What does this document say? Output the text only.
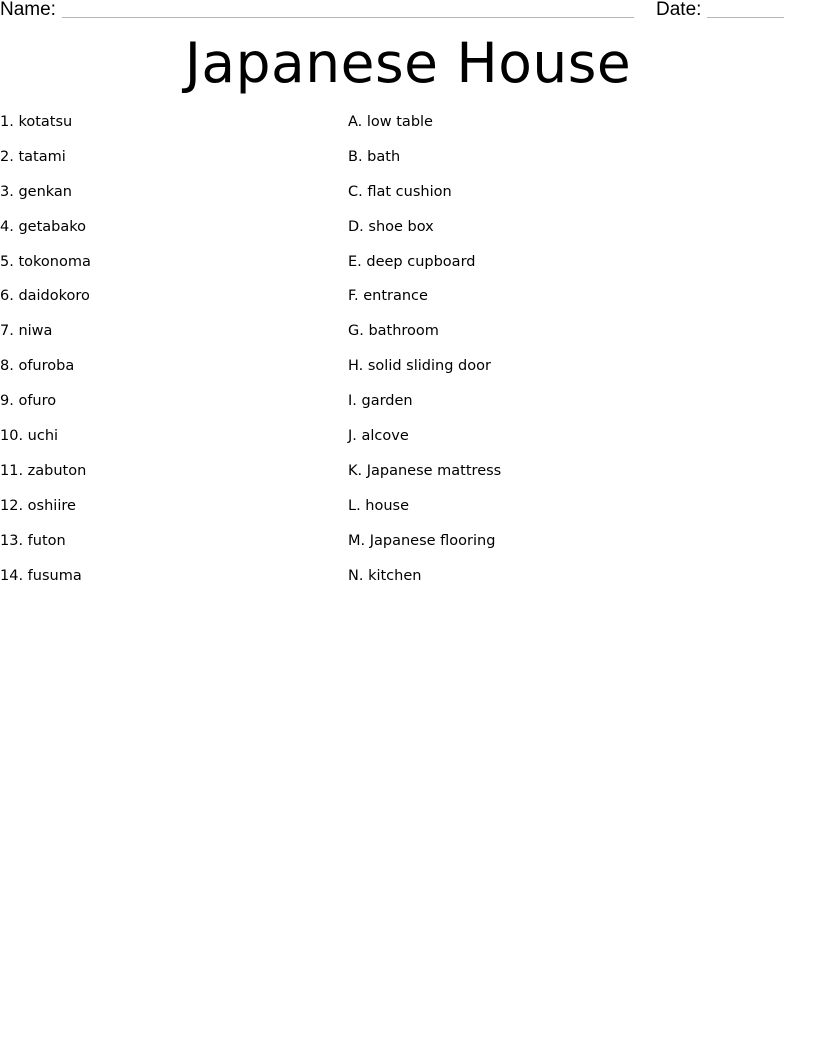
Name:	Date:
Japanese House
1. kotatsu
2. tatami
3. genkan
4. getabako
5. tokonoma
6. daidokoro
7. niwa
8. ofuroba
9. ofuro
10. uchi
11. zabuton
12. oshiire
13. futon
14. fusuma
A. low table
B. bath
C. flat cushion
D. shoe box
E. deep cupboard
F. entrance
G. bathroom
H. solid sliding door
I. garden
J. alcove
K. Japanese mattress
L. house
M. Japanese flooring
N. kitchen
